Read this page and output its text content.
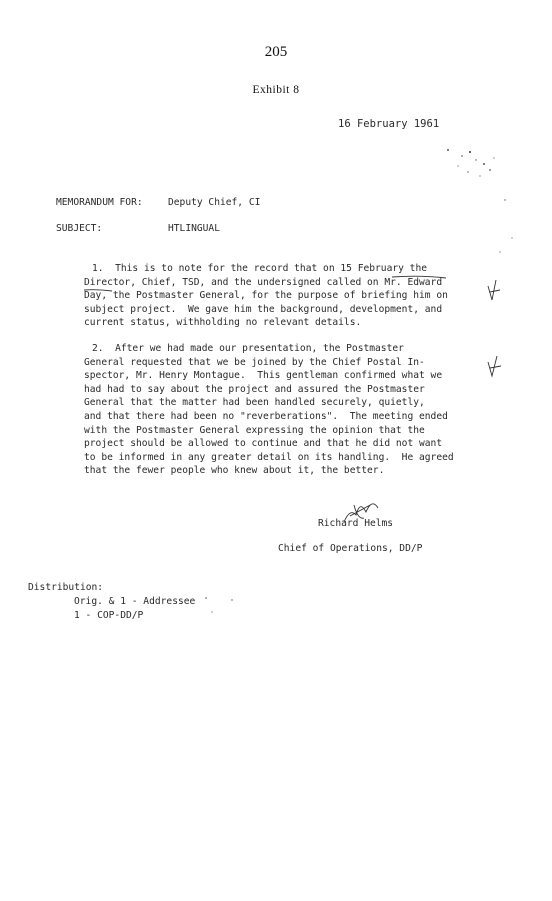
205
Exhibit 8
16 February 1961
MEMORANDUM FOR:	Deputy Chief, CI
SUBJECT:	HTLINGUAL
1.  This is to note for the record that on 15 February the
Director, Chief, TSD, and the undersigned called on Mr. Edward
Day, the Postmaster General, for the purpose of briefing him on
subject project.  We gave him the background, development, and
current status, withholding no relevant details.
2.  After we had made our presentation, the Postmaster
General requested that we be joined by the Chief Postal In-
spector, Mr. Henry Montague.  This gentleman confirmed what we
had had to say about the project and assured the Postmaster
General that the matter had been handled securely, quietly,
and that there had been no "reverberations".  The meeting ended
with the Postmaster General expressing the opinion that the
project should be allowed to continue and that he did not want
to be informed in any greater detail on its handling.  He agreed
that the fewer people who knew about it, the better.
Richard Helms
Chief of Operations, DD/P
Distribution:
Orig. & 1 - Addressee
1 - COP-DD/P
